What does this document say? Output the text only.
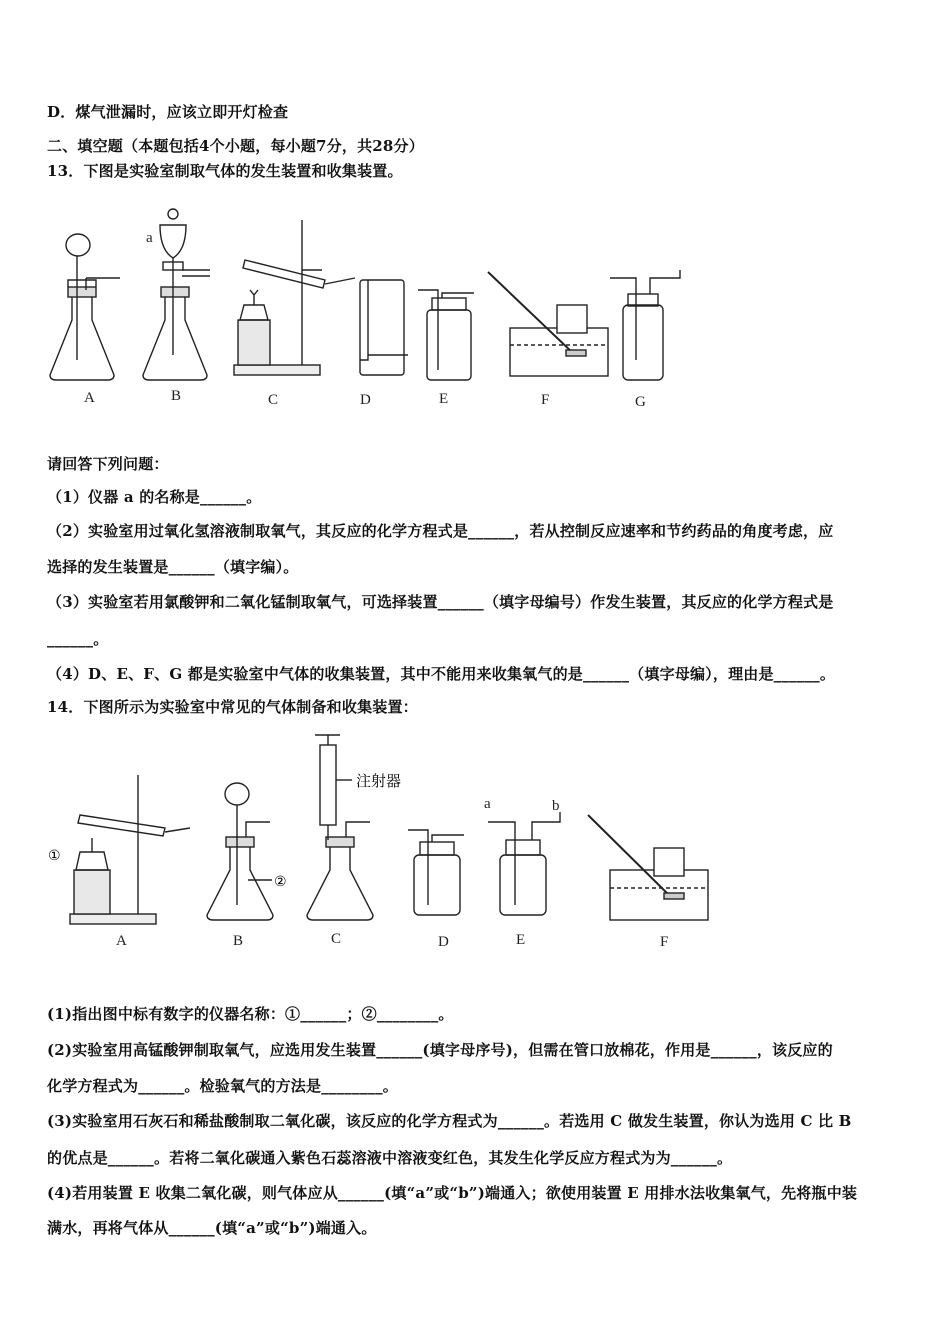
D．煤气泄漏时，应该立即开灯检查
二、填空题（本题包括4个小题，每小题7分，共28分）
13．下图是实验室制取气体的发生装置和收集装置。
A	B	C	D	E	F	G
a
请回答下列问题：
（1）仪器 a 的名称是______。
（2）实验室用过氧化氢溶液制取氧气，其反应的化学方程式是______，若从控制反应速率和节约药品的角度考虑，应
选择的发生装置是______（填字编）。
（3）实验室若用氯酸钾和二氧化锰制取氧气，可选择装置______（填字母编号）作发生装置，其反应的化学方程式是
______。
（4）D、E、F、G 都是实验室中气体的收集装置，其中不能用来收集氧气的是______（填字母编），理由是______。
14．下图所示为实验室中常见的气体制备和收集装置：
注射器
①
②
a	b
A	B	C	D	E	F
(1)指出图中标有数字的仪器名称：①______；②________。
(2)实验室用高锰酸钾制取氧气，应选用发生装置______(填字母序号)，但需在管口放棉花，作用是______，该反应的
化学方程式为______。检验氧气的方法是________。
(3)实验室用石灰石和稀盐酸制取二氧化碳，该反应的化学方程式为______。若选用 C 做发生装置，你认为选用 C 比 B
的优点是______。若将二氧化碳通入紫色石蕊溶液中溶液变红色，其发生化学反应方程式为为______。
(4)若用装置 E 收集二氧化碳，则气体应从______(填“a”或“b”)端通入；欲使用装置 E 用排水法收集氧气，先将瓶中装
满水，再将气体从______(填“a”或“b”)端通入。
